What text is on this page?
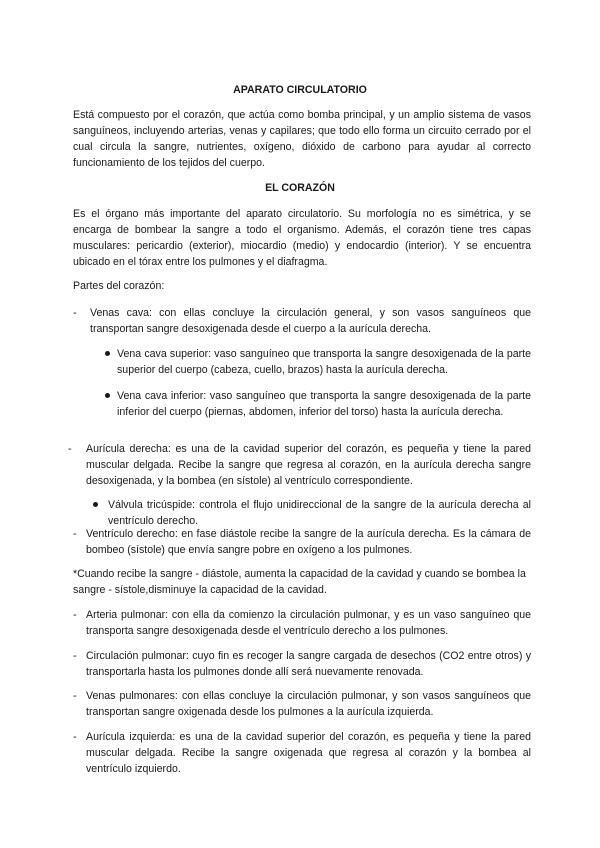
APARATO CIRCULATORIO

Está compuesto por el corazón, que actúa como bomba principal, y un amplio sistema de vasos sanguíneos, incluyendo arterias, venas y capilares; que todo ello forma un circuito cerrado por el cual circula la sangre, nutrientes, oxígeno, dióxido de carbono para ayudar al correcto funcionamiento de los tejidos del cuerpo.

EL CORAZÓN

Es el órgano más importante del aparato circulatorio. Su morfología no es simétrica, y se encarga de bombear la sangre a todo el organismo. Además, el corazón tiene tres capas musculares: pericardio (exterior), miocardio (medio) y endocardio (interior). Y se encuentra ubicado en el tórax entre los pulmones y el diafragma.

Partes del corazón:

- Venas cava: con ellas concluye la circulación general, y son vasos sanguíneos que transportan sangre desoxigenada desde el cuerpo a la aurícula derecha.

Vena cava superior: vaso sanguíneo que transporta la sangre desoxigenada de la parte superior del cuerpo (cabeza, cuello, brazos) hasta la aurícula derecha.

Vena cava inferior: vaso sanguíneo que transporta la sangre desoxigenada de la parte inferior del cuerpo (piernas, abdomen, inferior del torso) hasta la aurícula derecha.

- Aurícula derecha: es una de la cavidad superior del corazón, es pequeña y tiene la pared muscular delgada. Recibe la sangre que regresa al corazón, en la aurícula derecha sangre desoxigenada, y la bombea (en sístole) al ventrículo correspondiente.

Válvula tricúspide: controla el flujo unidireccional de la sangre de la aurícula derecha al ventrículo derecho.

- Ventrículo derecho: en fase diástole recibe la sangre de la aurícula derecha. Es la cámara de bombeo (sístole) que envía sangre pobre en oxígeno a los pulmones.

*Cuando recibe la sangre - diástole, aumenta la capacidad de la cavidad y cuando se bombea la sangre - sístole,disminuye la capacidad de la cavidad.

- Arteria pulmonar: con ella da comienzo la circulación pulmonar, y es un vaso sanguíneo que transporta sangre desoxigenada desde el ventrículo derecho a los pulmones.

- Circulación pulmonar: cuyo fin es recoger la sangre cargada de desechos (CO2 entre otros) y transportarla hasta los pulmones donde allí será nuevamente renovada.

- Venas pulmonares: con ellas concluye la circulación pulmonar, y son vasos sanguíneos que transportan sangre oxigenada desde los pulmones a la aurícula izquierda.

- Aurícula izquierda: es una de la cavidad superior del corazón, es pequeña y tiene la pared muscular delgada. Recibe la sangre oxigenada que regresa al corazón y la bombea al ventrículo izquierdo.
